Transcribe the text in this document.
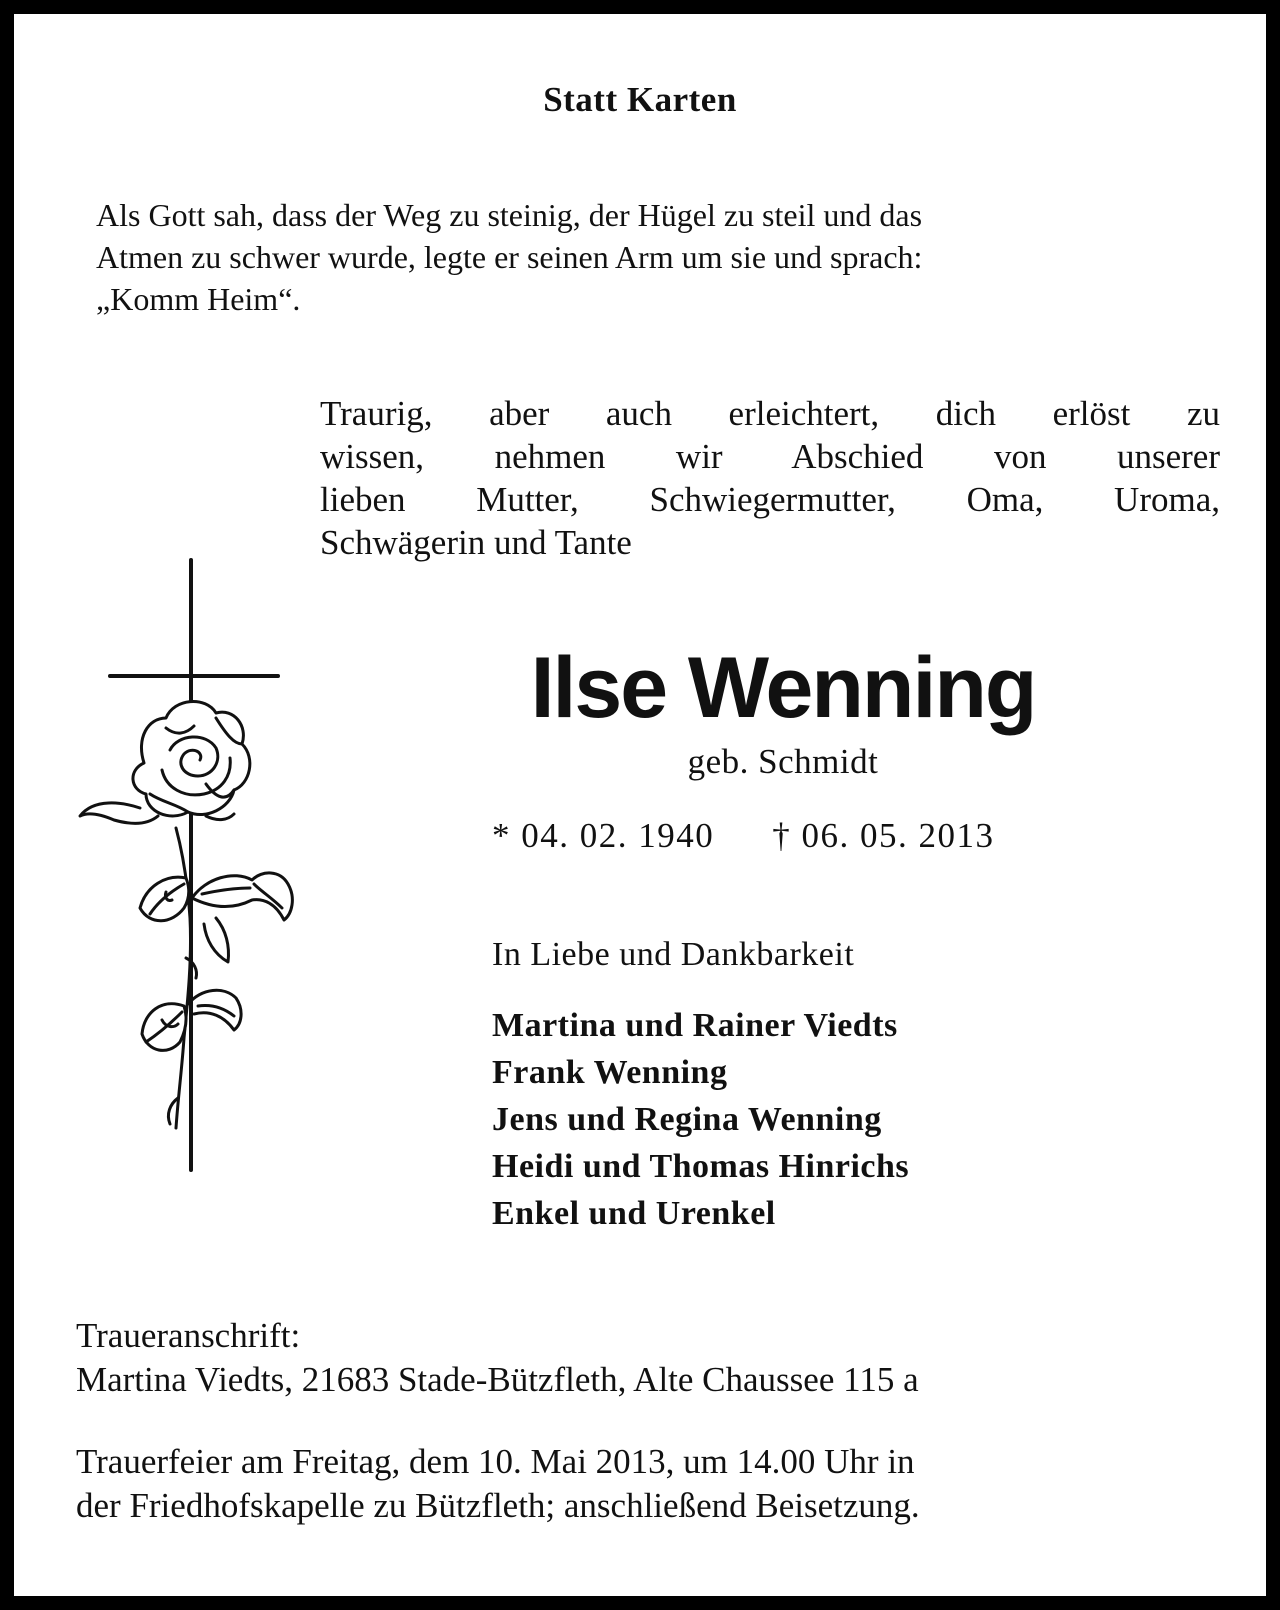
Statt Karten

Als Gott sah, dass der Weg zu steinig, der Hügel zu steil und das

Atmen zu schwer wurde, legte er seinen Arm um sie und sprach:

„Komm Heim“.

Traurig, aber auch erleichtert, dich erlöst zu

wissen, nehmen wir Abschied von unserer

lieben Mutter, Schwiegermutter, Oma, Uroma,

Schwägerin und Tante

Ilse Wenning
geb. Schmidt
* 04. 02. 1940 † 06. 05. 2013
In Liebe und Dankbarkeit
Martina und Rainer Viedts
Frank Wenning
Jens und Regina Wenning
Heidi und Thomas Hinrichs
Enkel und Urenkel
Traueranschrift:
Martina Viedts, 21683 Stade-Bützfleth, Alte Chaussee 115 a

Trauerfeier am Freitag, dem 10. Mai 2013, um 14.00 Uhr in

der Friedhofskapelle zu Bützfleth; anschließend Beisetzung.
